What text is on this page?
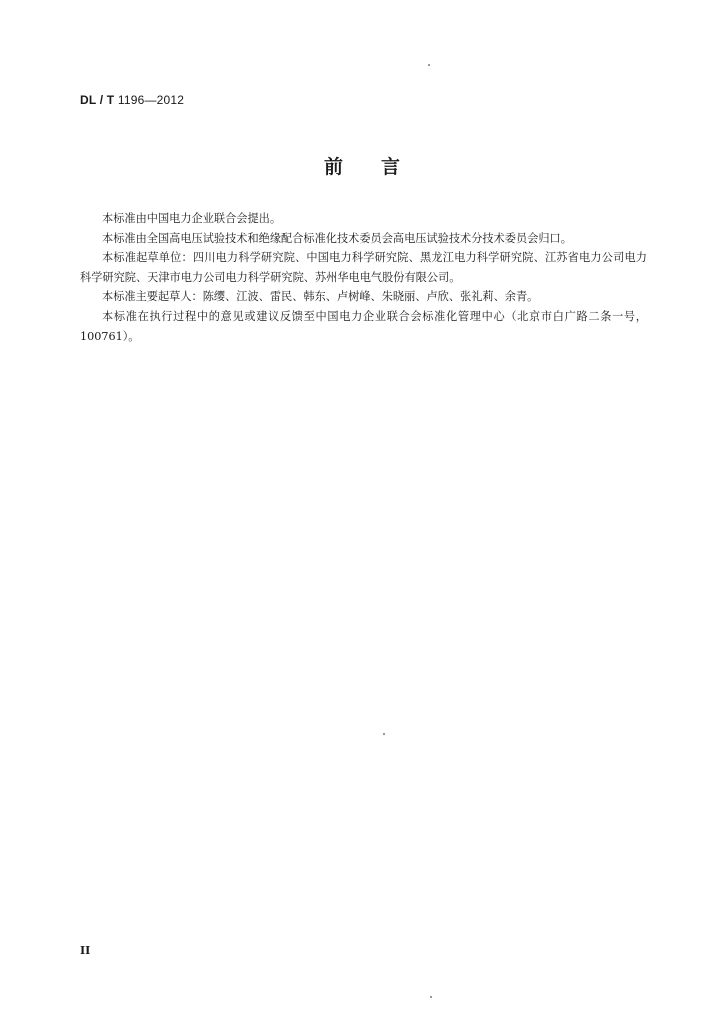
DL / T 1196—2012
前言

本标准由中国电力企业联合会提出。

本标准由全国高电压试验技术和绝缘配合标准化技术委员会高电压试验技术分技术委员会归口。

本标准起草单位：四川电力科学研究院、中国电力科学研究院、黑龙江电力科学研究院、江苏省电力公司电力科学研究院、天津市电力公司电力科学研究院、苏州华电电气股份有限公司。

本标准主要起草人：陈缨、江波、雷民、韩东、卢树峰、朱晓丽、卢欣、张礼莉、余青。

本标准在执行过程中的意见或建议反馈至中国电力企业联合会标准化管理中心（北京市白广路二条一号，100761）。

II
